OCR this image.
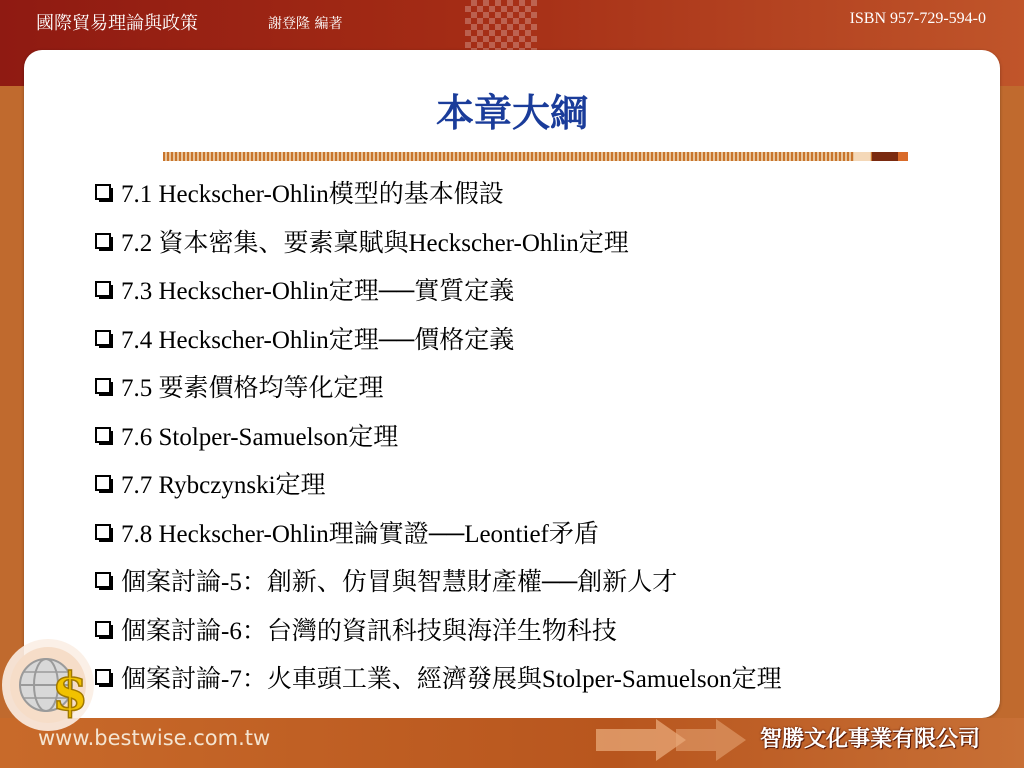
國際貿易理論與政策	謝登隆 編著	ISBN 957-729-594-0
本章大綱
7.1 Heckscher-Ohlin模型的基本假設
7.2 資本密集、要素稟賦與Heckscher-Ohlin定理
7.3 Heckscher-Ohlin定理──實質定義
7.4 Heckscher-Ohlin定理──價格定義
7.5 要素價格均等化定理
7.6 Stolper-Samuelson定理
7.7 Rybczynski定理
7.8 Heckscher-Ohlin理論實證──Leontief矛盾
個案討論-5：創新、仿冒與智慧財產權──創新人才
個案討論-6：台灣的資訊科技與海洋生物科技
個案討論-7：火車頭工業、經濟發展與Stolper-Samuelson定理
www.bestwise.com.tw	智勝文化事業有限公司
$
